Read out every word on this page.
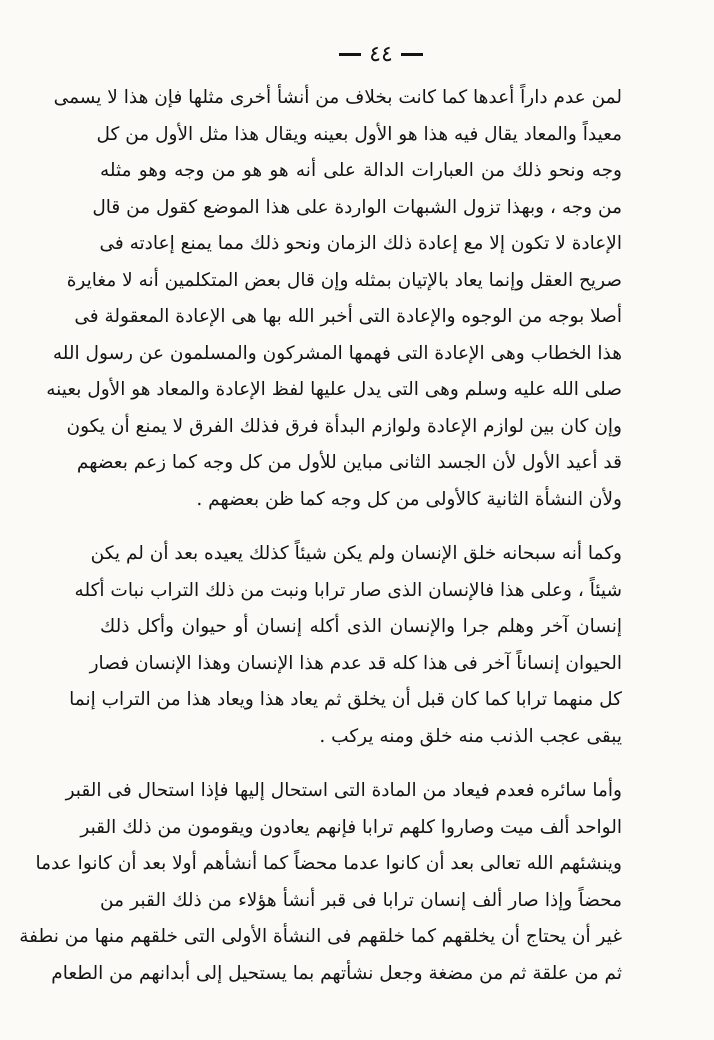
٤٤

لمن عدم داراً أعدها كما كانت بخلاف من أنشأ أخرى مثلها فإن هذا لا يسمى
معيداً والمعاد يقال فيه هذا هو الأول بعينه ويقال هذا مثل الأول من كل
وجه ونحو ذلك من العبارات الدالة على أنه هو هو من وجه وهو مثله
من وجه ، وبهذا تزول الشبهات الواردة على هذا الموضع كقول من قال
الإعادة لا تكون إلا مع إعادة ذلك الزمان ونحو ذلك مما يمنع إعادته فى
صريح العقل وإنما يعاد بالإتيان بمثله وإن قال بعض المتكلمين أنه لا مغايرة
أصلا بوجه من الوجوه والإعادة التى أخبر الله بها هى الإعادة المعقولة فى
هذا الخطاب وهى الإعادة التى فهمها المشركون والمسلمون عن رسول الله
صلى الله عليه وسلم وهى التى يدل عليها لفظ الإعادة والمعاد هو الأول بعينه
وإن كان بين لوازم الإعادة ولوازم البدأة فرق فذلك الفرق لا يمنع أن يكون
قد أعيد الأول لأن الجسد الثانى مباين للأول من كل وجه كما زعم بعضهم
ولأن النشأة الثانية كالأولى من كل وجه كما ظن بعضهم .

وكما أنه سبحانه خلق الإنسان ولم يكن شيئاً كذلك يعيده بعد أن لم يكن
شيئاً ، وعلى هذا فالإنسان الذى صار ترابا ونبت من ذلك التراب نبات أكله
إنسان آخر وهلم جرا والإنسان الذى أكله إنسان أو حيوان وأكل ذلك
الحيوان إنساناً آخر فى هذا كله قد عدم هذا الإنسان وهذا الإنسان فصار
كل منهما ترابا كما كان قبل أن يخلق ثم يعاد هذا ويعاد هذا من التراب إنما
يبقى عجب الذنب منه خلق ومنه يركب .

وأما سائره فعدم فيعاد من المادة التى استحال إليها فإذا استحال فى القبر
الواحد ألف ميت وصاروا كلهم ترابا فإنهم يعادون ويقومون من ذلك القبر
وينشئهم الله تعالى بعد أن كانوا عدما محضاً كما أنشأهم أولا بعد أن كانوا عدما
محضاً وإذا صار ألف إنسان ترابا فى قبر أنشأ هؤلاء من ذلك القبر من
غير أن يحتاج أن يخلقهم كما خلقهم فى النشأة الأولى التى خلقهم منها من نطفة
ثم من علقة ثم من مضغة وجعل نشأتهم بما يستحيل إلى أبدانهم من الطعام
